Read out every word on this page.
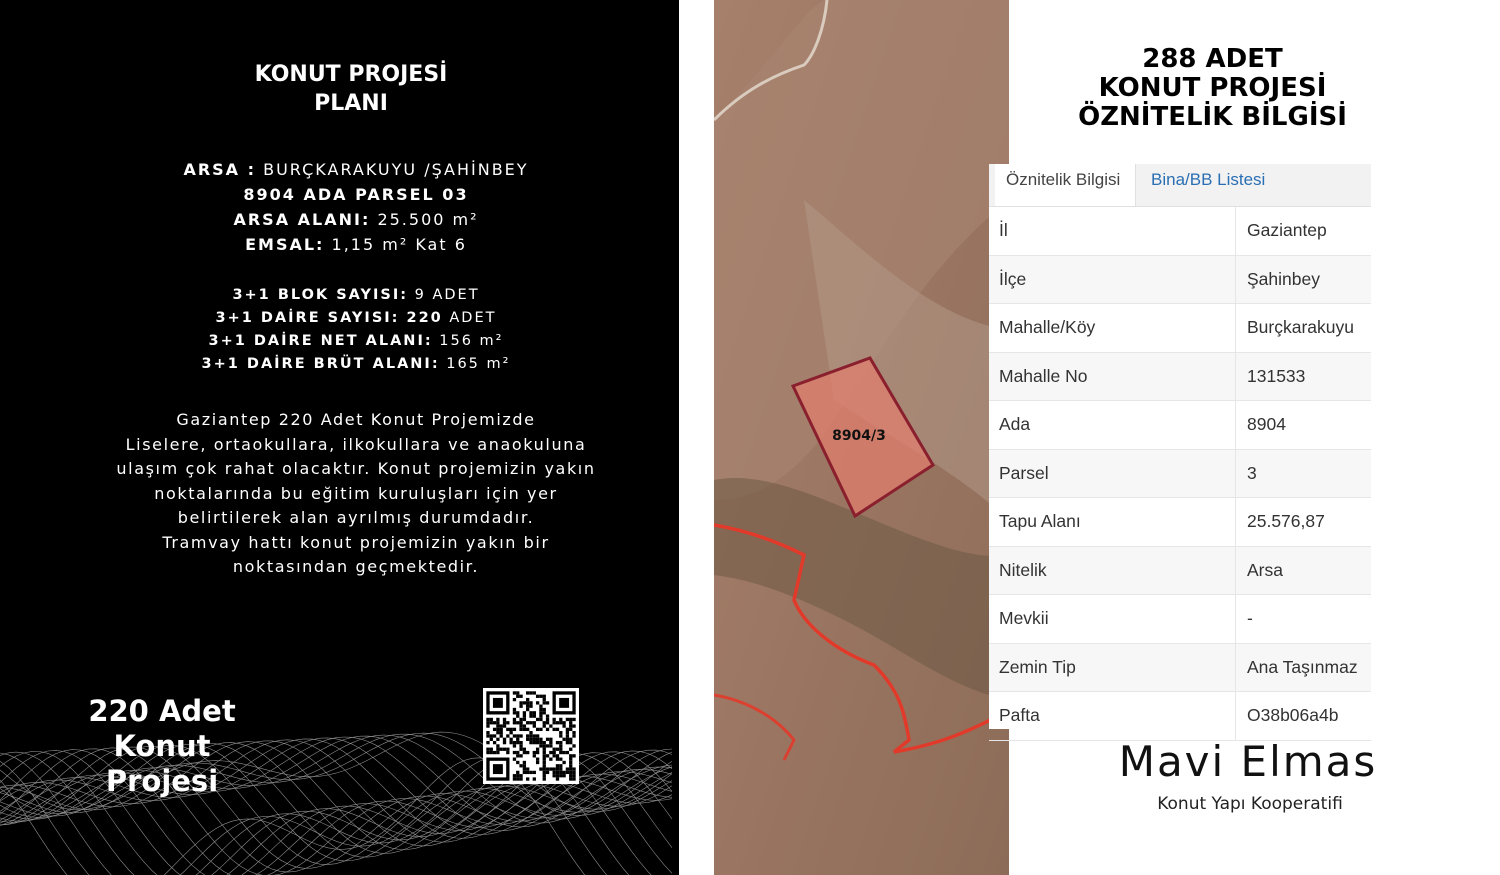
KONUT PROJESİ
PLANI
ARSA : BURÇKARAKUYU /ŞAHİNBEY
8904 ADA PARSEL 03
ARSA ALANI: 25.500 m²
EMSAL: 1,15 m² Kat 6
3+1 BLOK SAYISI: 9 ADET
3+1 DAİRE SAYISI: 220 ADET
3+1 DAİRE NET ALANI: 156 m²
3+1 DAİRE BRÜT ALANI: 165 m²
Gaziantep 220 Adet Konut Projemizde
Liselere, ortaokullara, ilkokullara ve anaokuluna
ulaşım çok rahat olacaktır. Konut projemizin yakın
noktalarında bu eğitim kuruluşları için yer
belirtilerek alan ayrılmış durumdadır.
Tramvay hattı konut projemizin yakın bir
noktasından geçmektedir.
220 Adet
Konut
Projesi
8904/3
288 ADET
KONUT PROJESİ
ÖZNİTELİK BİLGİSİ
Öznitelik Bilgisi	Bina/BB Listesi
İl	Gaziantep
İlçe	Şahinbey
Mahalle/Köy	Burçkarakuyu
Mahalle No	131533
Ada	8904
Parsel	3
Tapu Alanı	25.576,87
Nitelik	Arsa
Mevkii	-
Zemin Tip	Ana Taşınmaz
Pafta	O38b06a4b
Mavi Elmas
Konut Yapı Kooperatifi
